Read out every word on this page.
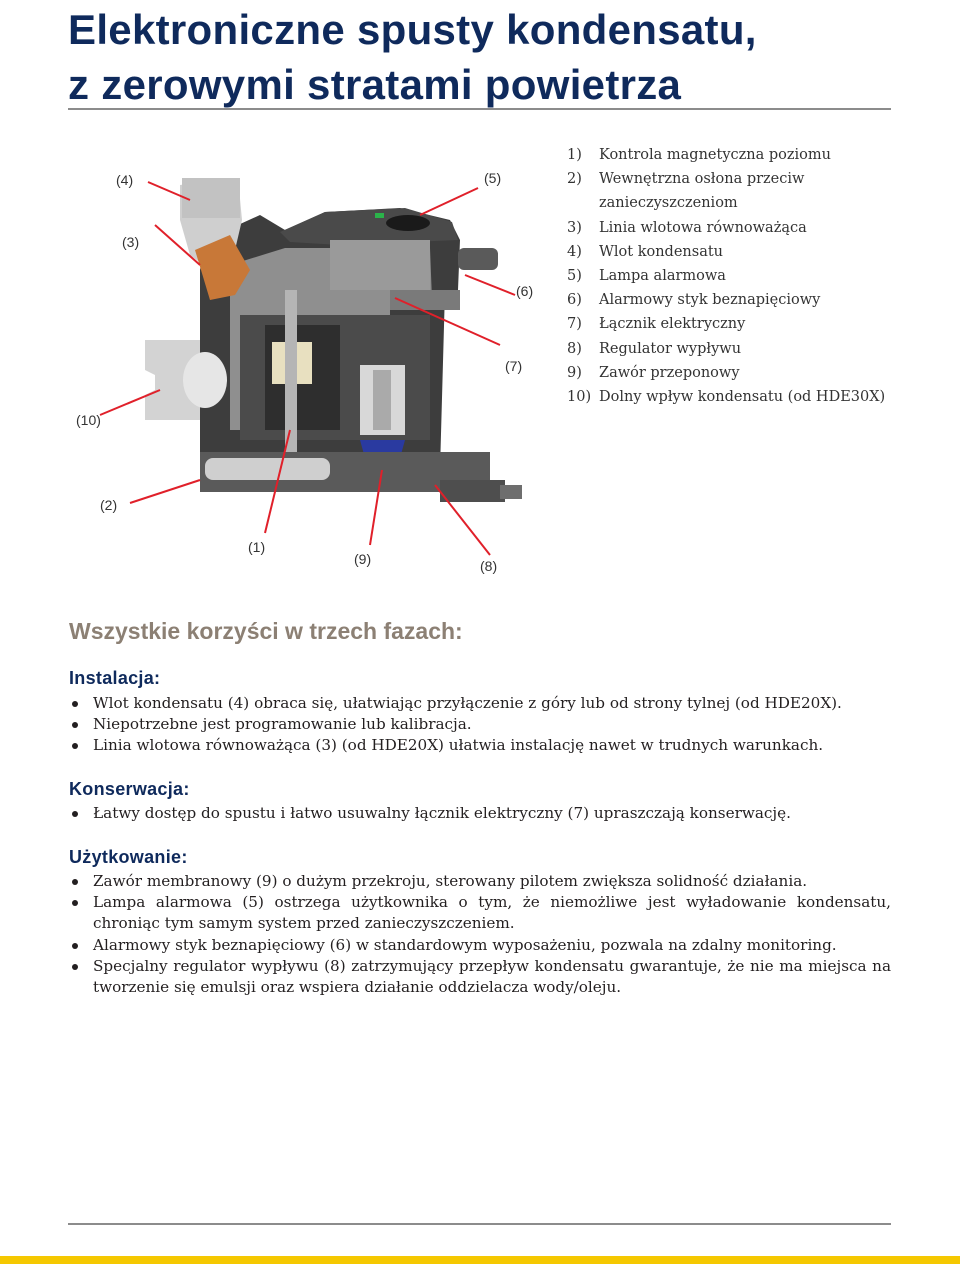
Elektroniczne spusty kondensatu,
z zerowymi stratami powietrza
(4)
(3)
(5)
(6)
(7)
(10)
(2)
(1)
(9)	(8)
1)	Kontrola magnetyczna poziomu
2)	Wewnętrzna osłona przeciw zanieczyszczeniom
3)	Linia wlotowa równoważąca
4)	Wlot kondensatu
5)	Lampa alarmowa
6)	Alarmowy styk beznapięciowy
7)	Łącznik elektryczny
8)	Regulator wypływu
9)	Zawór przeponowy
10) Dolny wpływ kondensatu (od HDE30X)
Wszystkie korzyści w trzech fazach:
Instalacja:
Wlot kondensatu (4) obraca się, ułatwiając przyłączenie z góry lub od strony tylnej (od HDE20X).
Niepotrzebne jest programowanie lub kalibracja.
Linia wlotowa równoważąca (3) (od HDE20X) ułatwia instalację nawet w trudnych warunkach.
Konserwacja:
Łatwy dostęp do spustu i łatwo usuwalny łącznik elektryczny (7) upraszczają konserwację.
Użytkowanie:
Zawór membranowy (9) o dużym przekroju, sterowany pilotem zwiększa solidność działania.
Lampa alarmowa (5) ostrzega użytkownika o tym, że niemożliwe jest wyładowanie kondensatu, chroniąc tym samym system przed zanieczyszczeniem.
Alarmowy styk beznapięciowy (6) w standardowym wyposażeniu, pozwala na zdalny monitoring.
Specjalny regulator wypływu (8) zatrzymujący przepływ kondensatu gwarantuje, że nie ma miejsca na tworzenie się emulsji oraz wspiera działanie oddzielacza wody/oleju.
